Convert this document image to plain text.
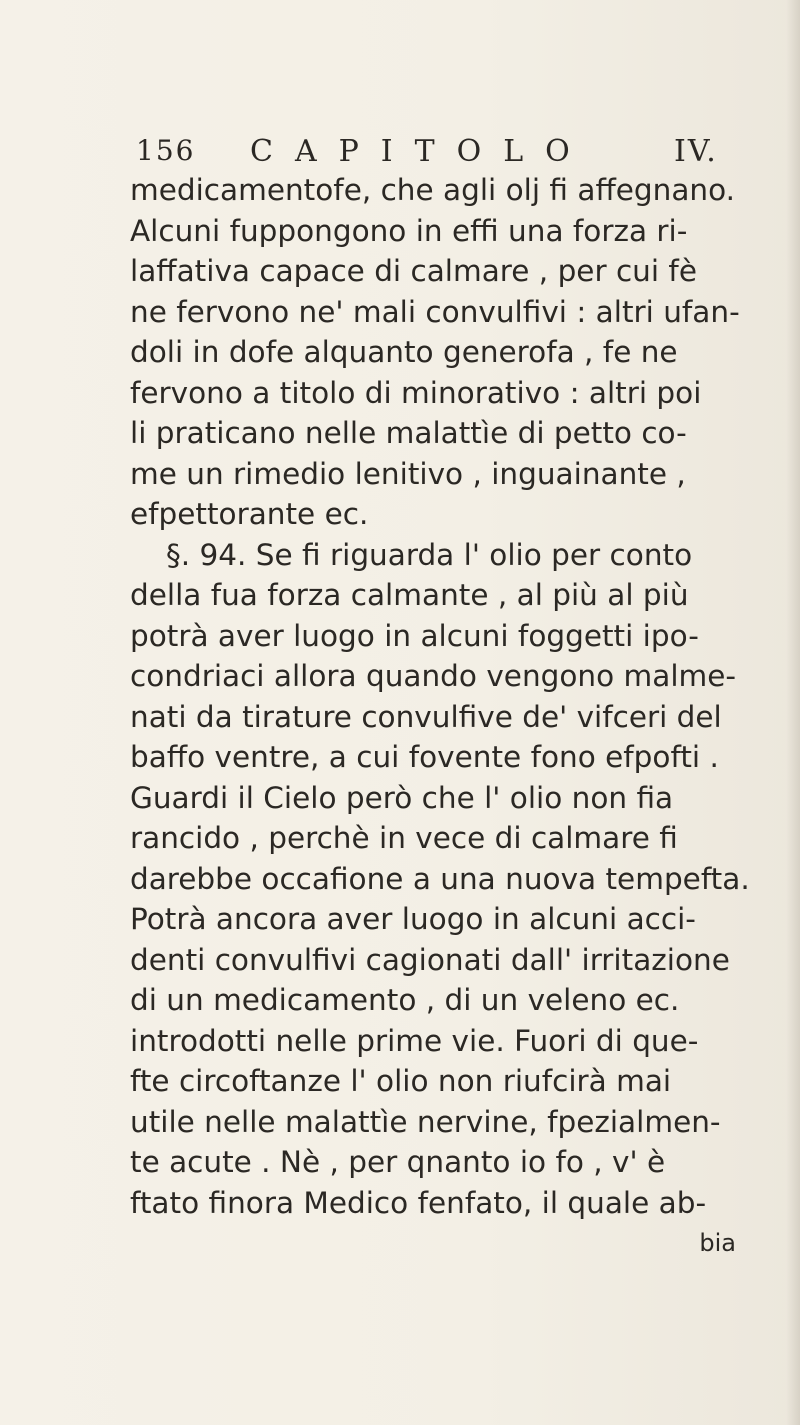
156 CAPITOLO	IV.
medicamentofe, che agli olj fi affegnano.
Alcuni fuppongono in effi una forza ri-
laffativa capace di calmare , per cui fè
ne fervono ne' mali convulfivi : altri ufan-
doli in dofe alquanto generofa , fe ne
fervono a titolo di minorativo : altri poi
li praticano nelle malattìe di petto co-
me un rimedio lenitivo , inguainante ,
efpettorante ec.
§. 94. Se fi riguarda l' olio per conto
della fua forza calmante , al più al più
potrà aver luogo in alcuni foggetti ipo-
condriaci allora quando vengono malme-
nati da tirature convulfive de' vifceri del
baffo ventre, a cui fovente fono efpofti .
Guardi il Cielo però che l' olio non fia
rancido , perchè in vece di calmare fi
darebbe occafione a una nuova tempefta.
Potrà ancora aver luogo in alcuni acci-
denti convulfivi cagionati dall' irritazione
di un medicamento , di un veleno ec.
introdotti nelle prime vie. Fuori di que-
fte circoftanze l' olio non riufcirà mai
utile nelle malattìe nervine, fpezialmen-
te acute . Nè , per qnanto io fo , v' è
ftato finora Medico fenfato, il quale ab-
bia
